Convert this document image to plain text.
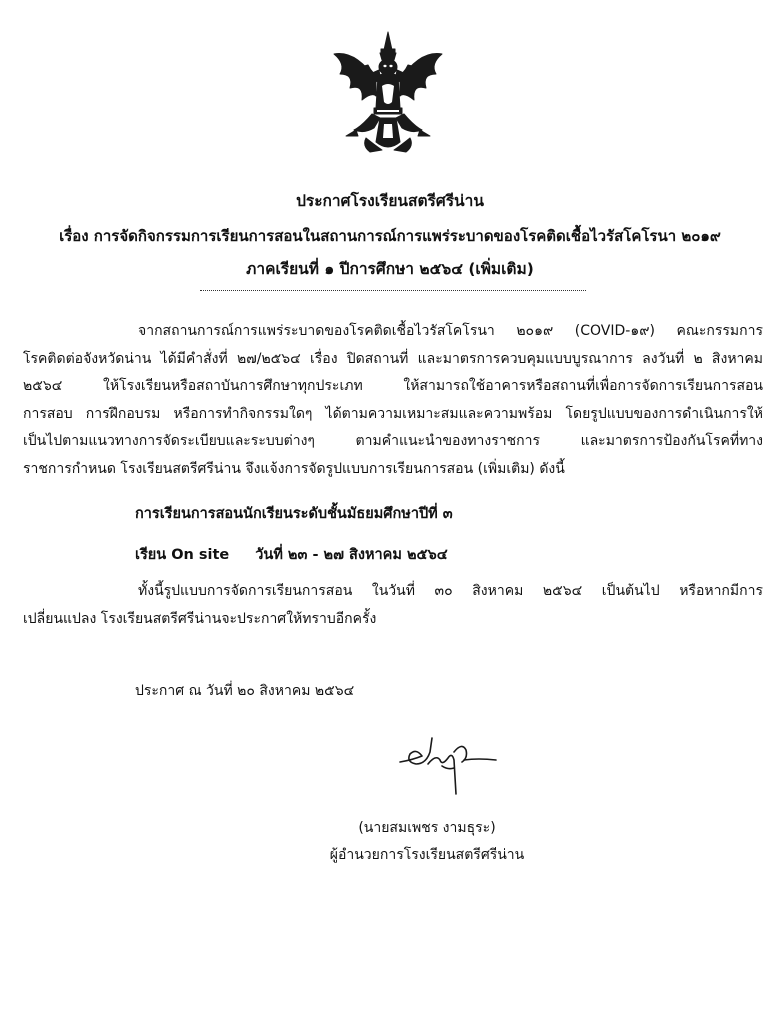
ประกาศโรงเรียนสตรีศรีน่าน
เรื่อง การจัดกิจกรรมการเรียนการสอนในสถานการณ์การแพร่ระบาดของโรคติดเชื้อไวรัสโคโรนา ๒๐๑๙
ภาคเรียนที่ ๑ ปีการศึกษา ๒๕๖๔ (เพิ่มเติม)
จากสถานการณ์การแพร่ระบาดของโรคติดเชื้อไวรัสโคโรนา ๒๐๑๙ (COVID-๑๙) คณะกรรมการ
โรคติดต่อจังหวัดน่าน ได้มีคำสั่งที่ ๒๗/๒๕๖๔ เรื่อง ปิดสถานที่ และมาตรการควบคุมแบบบูรณาการ ลงวันที่ ๒ สิงหาคม
๒๕๖๔ ให้โรงเรียนหรือสถาบันการศึกษาทุกประเภท ให้สามารถใช้อาคารหรือสถานที่เพื่อการจัดการเรียนการสอน
การสอบ การฝึกอบรม หรือการทำกิจกรรมใดๆ ได้ตามความเหมาะสมและความพร้อม โดยรูปแบบของการดำเนินการให้
เป็นไปตามแนวทางการจัดระเบียบและระบบต่างๆ ตามคำแนะนำของทางราชการ และมาตรการป้องกันโรคที่ทาง
ราชการกำหนด โรงเรียนสตรีศรีน่าน จึงแจ้งการจัดรูปแบบการเรียนการสอน (เพิ่มเติม) ดังนี้
การเรียนการสอนนักเรียนระดับชั้นมัธยมศึกษาปีที่ ๓
เรียน On site วันที่ ๒๓ - ๒๗ สิงหาคม ๒๕๖๔
ทั้งนี้รูปแบบการจัดการเรียนการสอน ในวันที่ ๓๐ สิงหาคม ๒๕๖๔ เป็นต้นไป หรือหากมีการ
เปลี่ยนแปลง โรงเรียนสตรีศรีน่านจะประกาศให้ทราบอีกครั้ง
ประกาศ ณ วันที่ ๒๐ สิงหาคม ๒๕๖๔
(นายสมเพชร งามธุระ)
ผู้อำนวยการโรงเรียนสตรีศรีน่าน
